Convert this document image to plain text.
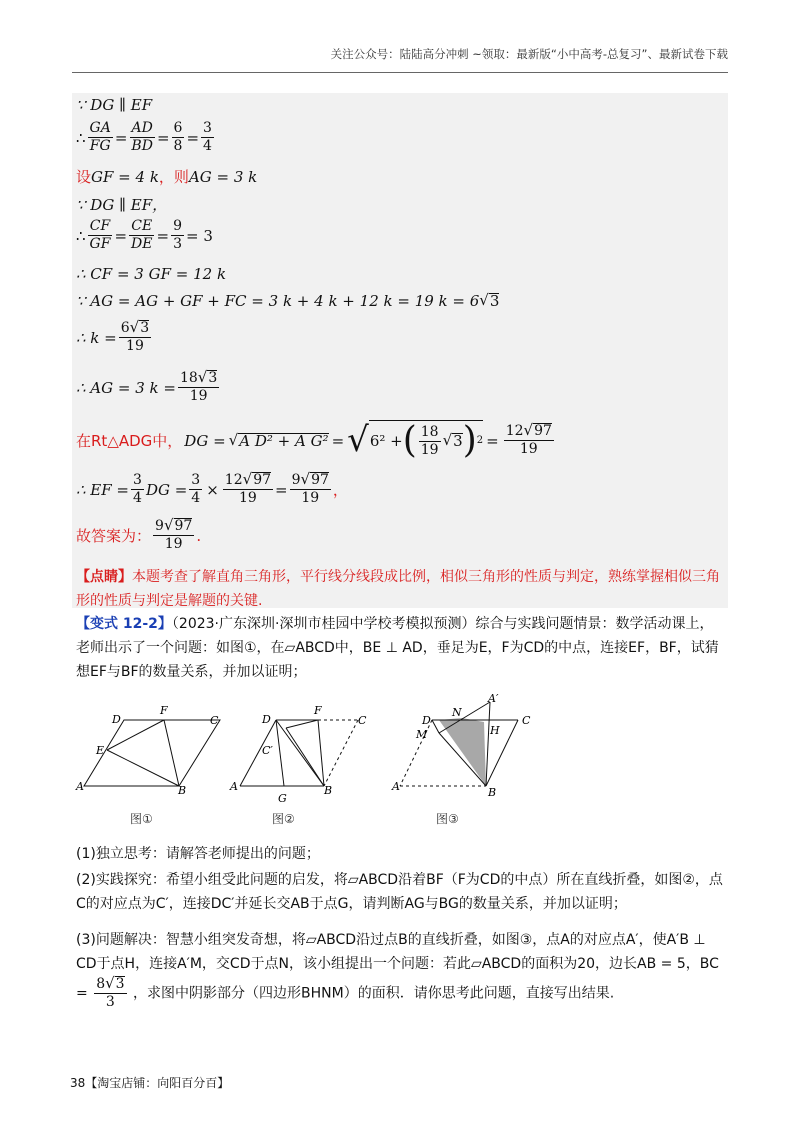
关注公众号：陆陆高分冲刺 ~领取：最新版“小中高考-总复习”、最新试卷下载
∵ DG ∥ EF
∴ $\frac{GA}{FG} = \frac{AD}{BD} = \frac{6}{8} = \frac{3}{4}$
设 GF = 4 k ，则 AG = 3 k
∵ DG ∥ EF，
∴ $\frac{CF}{GF} = \frac{CE}{DE} = \frac{9}{3} = 3$
∴ CF = 3 GF = 12 k
∵ AG = AG + GF + FC = 3 k + 4 k + 12 k = 19 k = 6 √ 3
∴ $k = \frac{6 √ 3}{19}$
∴ AG = 3 $k = \frac{18 √ 3}{19}$
在Rt △ADG中， DG = √ A D² + A G² = √ 6² + ( $\frac{18}{19}$ √ 3 ) $2 = \frac{12 √ 97}{19}$
∴ EF = $\frac{3}{4}$ DG = $\frac{3}{4} \times \frac{12 √ 97}{19} = \frac{9 √ 97}{19}$ ，
故答案为： $\frac{9 √ 97}{19}$ .
【点睛】本题考查了解直角三角形，平行线分线段成比例，相似三角形的性质与判定，熟练掌握相似三角形的性质与判定是解题的关键.
【变式 12-2】（2023·广东深圳·深圳市桂园中学校考模拟预测）综合与实践问题情景：数学活动课上，老师出示了一个问题：如图①，在▱ABCD中，BE ⊥ AD，垂足为E，F为CD的中点，连接EF，BF，试猜想EF与BF的数量关系，并加以证明；
D
F
C
E
A	B
图①
D
F
C
C′
A
G
B
图②
D
N
A′
C
M	H
A	B
图③
(1)独立思考：请解答老师提出的问题；
(2)实践探究：希望小组受此问题的启发，将▱ABCD沿着BF（F为CD的中点）所在直线折叠，如图②，点C的对应点为C′，连接DC′并延长交AB于点G，请判断AG与BG的数量关系，并加以证明；
(3)问题解决：智慧小组突发奇想，将▱ABCD沿过点B的直线折叠，如图③，点A的对应点A′，使A′B ⊥ CD于点H，连接A′M，交CD于点N，该小组提出一个问题：若此▱ABCD的面积为20，边长AB = 5，BC = $\frac{8 √ 3}{3}$ ，求图中阴影部分（四边形BHNM）的面积．请你思考此问题，直接写出结果.
38【淘宝店铺：向阳百分百】
